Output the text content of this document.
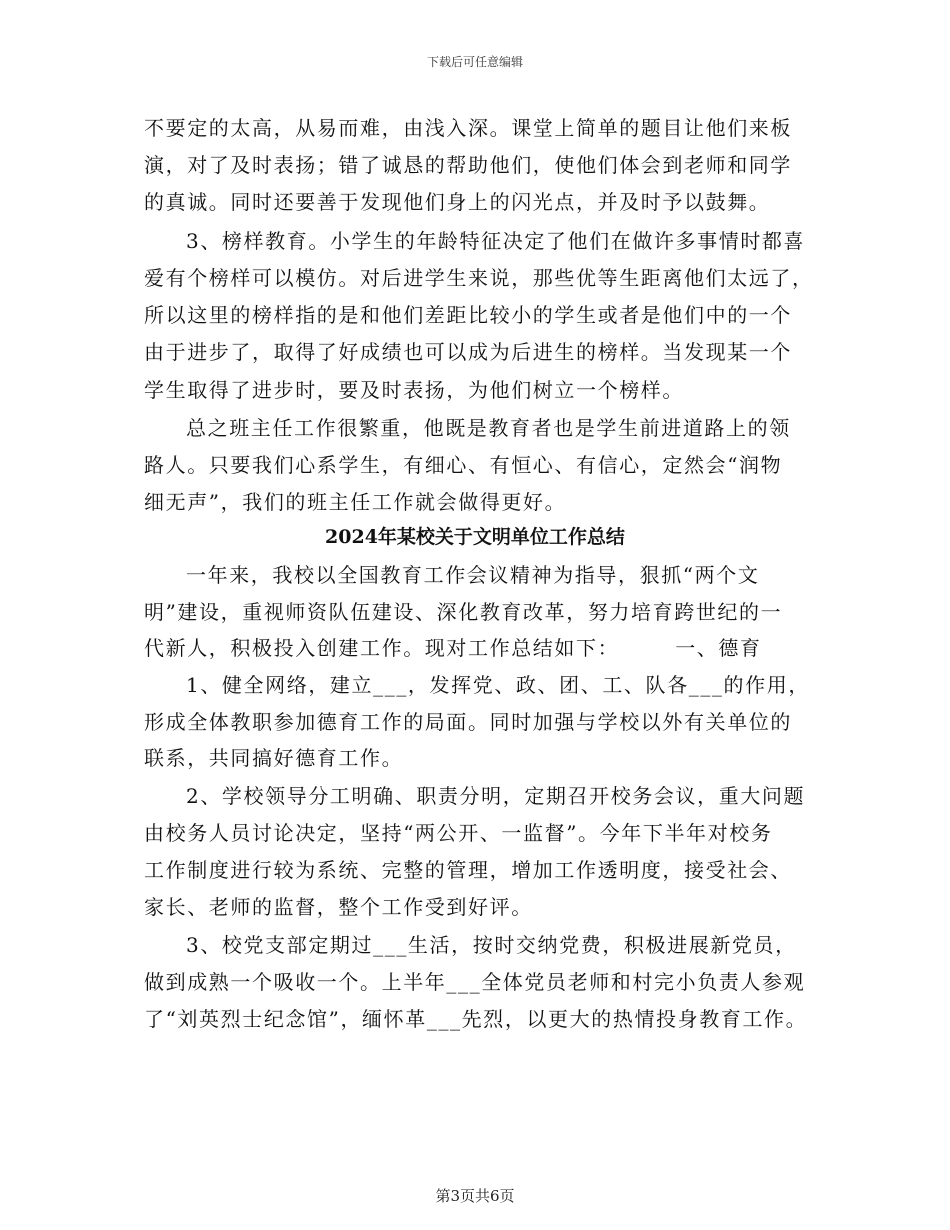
下载后可任意编辑
不要定的太高，从易而难，由浅入深。课堂上简单的题目让他们来板
演，对了及时表扬；错了诚恳的帮助他们，使他们体会到老师和同学
的真诚。同时还要善于发现他们身上的闪光点，并及时予以鼓舞。
3、榜样教育。小学生的年龄特征决定了他们在做许多事情时都喜
爱有个榜样可以模仿。对后进学生来说，那些优等生距离他们太远了，
所以这里的榜样指的是和他们差距比较小的学生或者是他们中的一个
由于进步了，取得了好成绩也可以成为后进生的榜样。当发现某一个
学生取得了进步时，要及时表扬，为他们树立一个榜样。
总之班主任工作很繁重，他既是教育者也是学生前进道路上的领
路人。只要我们心系学生，有细心、有恒心、有信心，定然会“润物
细无声”，我们的班主任工作就会做得更好。
2024年某校关于文明单位工作总结
一年来，我校以全国教育工作会议精神为指导，狠抓“两个文
明”建设，重视师资队伍建设、深化教育改革，努力培育跨世纪的一
代新人，积极投入创建工作。现对工作总结如下：	一、德育
1、健全网络，建立___，发挥党、政、团、工、队各___的作用，
形成全体教职参加德育工作的局面。同时加强与学校以外有关单位的
联系，共同搞好德育工作。
2、学校领导分工明确、职责分明，定期召开校务会议，重大问题
由校务人员讨论决定，坚持“两公开、一监督”。今年下半年对校务
工作制度进行较为系统、完整的管理，增加工作透明度，接受社会、
家长、老师的监督，整个工作受到好评。
3、校党支部定期过___生活，按时交纳党费，积极进展新党员，
做到成熟一个吸收一个。上半年___全体党员老师和村完小负责人参观
了“刘英烈士纪念馆”，缅怀革___先烈，以更大的热情投身教育工作。
第3页共6页
